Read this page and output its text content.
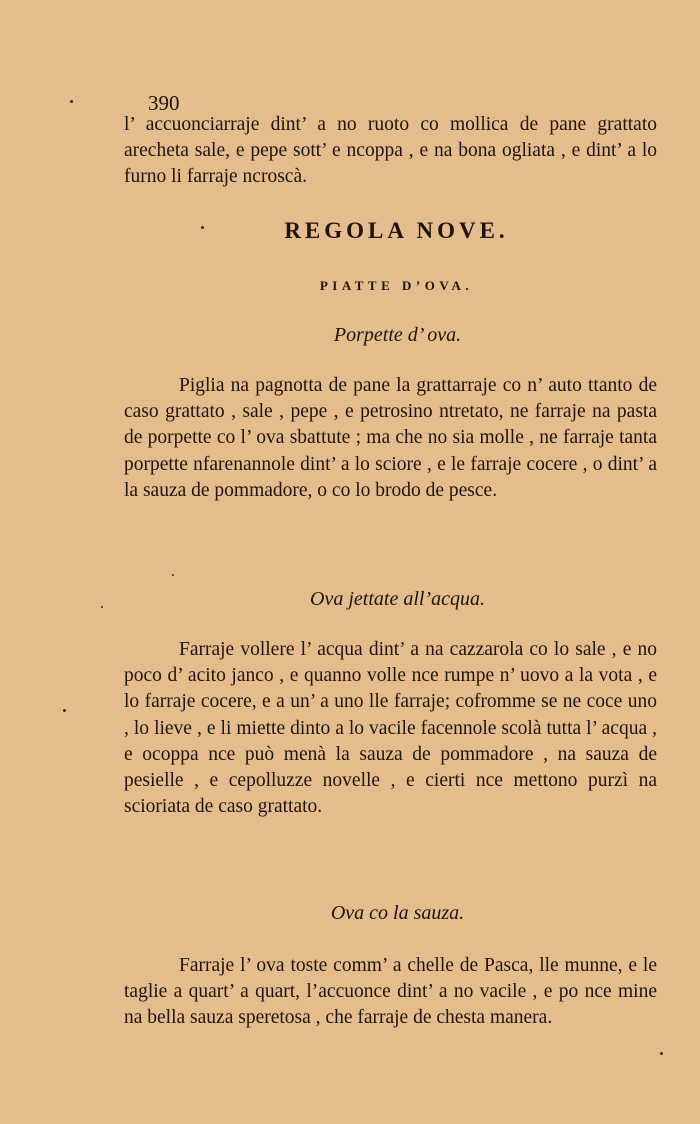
390

l’ accuonciarraje dint’ a no ruoto co mollica de pane grattato arecheta sale, e pepe sott’ e ncoppa , e na bona ogliata , e dint’ a lo furno li farraje ncroscà.

REGOLA NOVE.
PIATTE D’OVA.
Porpette d’ ova.

Piglia na pagnotta de pane la grattarraje co n’ auto ttanto de caso grattato , sale , pepe , e petrosino ntretato, ne farraje na pasta de porpette co l’ ova sbattute ; ma che no sia molle , ne farraje tanta porpette nfarenannole dint’ a lo sciore , e le farraje cocere , o dint’ a la sauza de pommadore, o co lo brodo de pesce.

Ova jettate all’acqua.

Farraje vollere l’ acqua dint’ a na cazzarola co lo sale , e no poco d’ acito janco , e quanno volle nce rumpe n’ uovo a la vota , e lo farraje cocere, e a un’ a uno lle farraje; cofromme se ne coce uno , lo lieve , e li miette dinto a lo vacile facennole scolà tutta l’ acqua , e ocoppa nce può menà la sauza de pommadore , na sauza de pesielle , e cepolluzze novelle , e cierti nce mettono purzì na scioriata de caso grattato.

Ova co la sauza.

Farraje l’ ova toste comm’ a chelle de Pasca, lle munne, e le taglie a quart’ a quart, l’accuonce dint’ a no vacile , e po nce mine na bella sauza speretosa , che farraje de chesta manera.
